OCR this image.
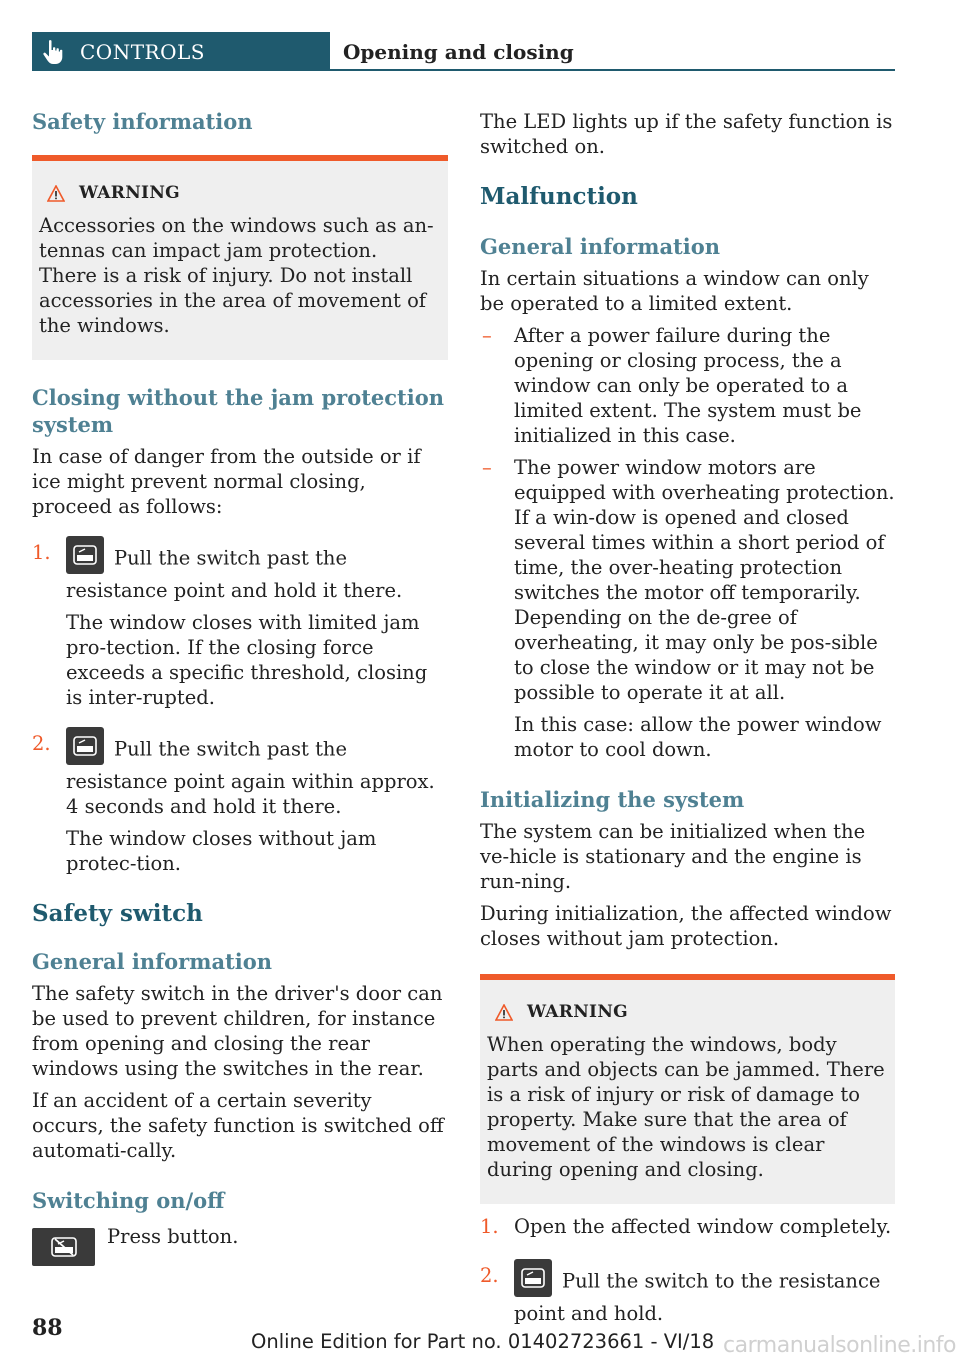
CONTROLS	Opening and closing
Safety information
WARNING

Accessories on the windows such as an-tennas can impact jam protection. There is a risk of injury. Do not install accessories in the area of movement of the windows.

Closing without the jam protection system

In case of danger from the outside or if ice might prevent normal closing, proceed as follows:

1.	Pull the switch past the resistance point and hold it there.

The window closes with limited jam pro-tection. If the closing force exceeds a specific threshold, closing is inter-rupted.

2.	Pull the switch past the resistance point again within approx. 4 seconds and hold it there.

The window closes without jam protec-tion.

Safety switch
General information

The safety switch in the driver's door can be used to prevent children, for instance from opening and closing the rear windows using the switches in the rear.

If an accident of a certain severity occurs, the safety function is switched off automati-cally.

Switching on/off

Press button.

The LED lights up if the safety function is switched on.

Malfunction
General information

In certain situations a window can only be operated to a limited extent.

– After a power failure during the opening or closing process, the a window can only be operated to a limited extent. The system must be initialized in this case.

– The power window motors are equipped with overheating protection. If a win-dow is opened and closed several times within a short period of time, the over-heating protection switches the motor off temporarily. Depending on the de-gree of overheating, it may only be pos-sible to close the window or it may not be possible to operate it at all.

In this case: allow the power window motor to cool down.

Initializing the system

The system can be initialized when the ve-hicle is stationary and the engine is run-ning.

During initialization, the affected window closes without jam protection.

WARNING

When operating the windows, body parts and objects can be jammed. There is a risk of injury or risk of damage to property. Make sure that the area of movement of the windows is clear during opening and closing.

1. Open the affected window completely.

2.	Pull the switch to the resistance point and hold.

88
Online Edition for Part no. 01402723661 - VI/18 carmanualsonline.info
